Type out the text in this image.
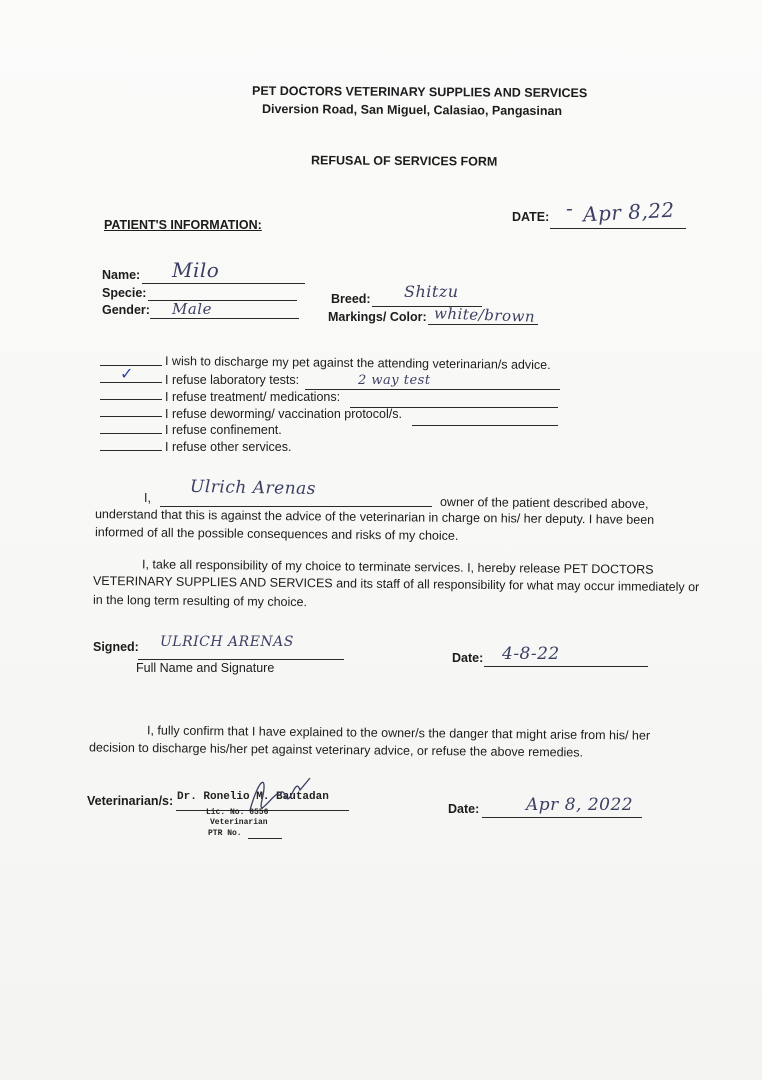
PET DOCTORS VETERINARY SUPPLIES AND SERVICES
Diversion Road, San Miguel, Calasiao, Pangasinan
REFUSAL OF SERVICES FORM
PATIENT'S INFORMATION:
DATE: - Apr 8,22
Name: Milo
Specie:
Gender: Male
Breed: Shitzu
Markings/ Color: white/brown
I wish to discharge my pet against the attending veterinarian/s advice.
✓	I refuse laboratory tests:	2 way test
I refuse treatment/ medications:
I refuse deworming/ vaccination protocol/s.
I refuse confinement.
I refuse other services.
I, Ulrich Arenas
owner of the patient described above,
understand that this is against the advice of the veterinarian in charge on his/ her deputy. I have been
informed of all the possible consequences and risks of my choice.
I, take all responsibility of my choice to terminate services. I, hereby release PET DOCTORS
VETERINARY SUPPLIES AND SERVICES and its staff of all responsibility for what may occur immediately or
in the long term resulting of my choice.
Signed: ULRICH ARENAS
Full Name and Signature
Date: 4-8-22
I, fully confirm that I have explained to the owner/s the danger that might arise from his/ her
decision to discharge his/her pet against veterinary advice, or refuse the above remedies.
Veterinarian/s: Dr. Ronelio M. Bautadan
Lic. No. 6556
Veterinarian
PTR No.
Date:	Apr 8, 2022
